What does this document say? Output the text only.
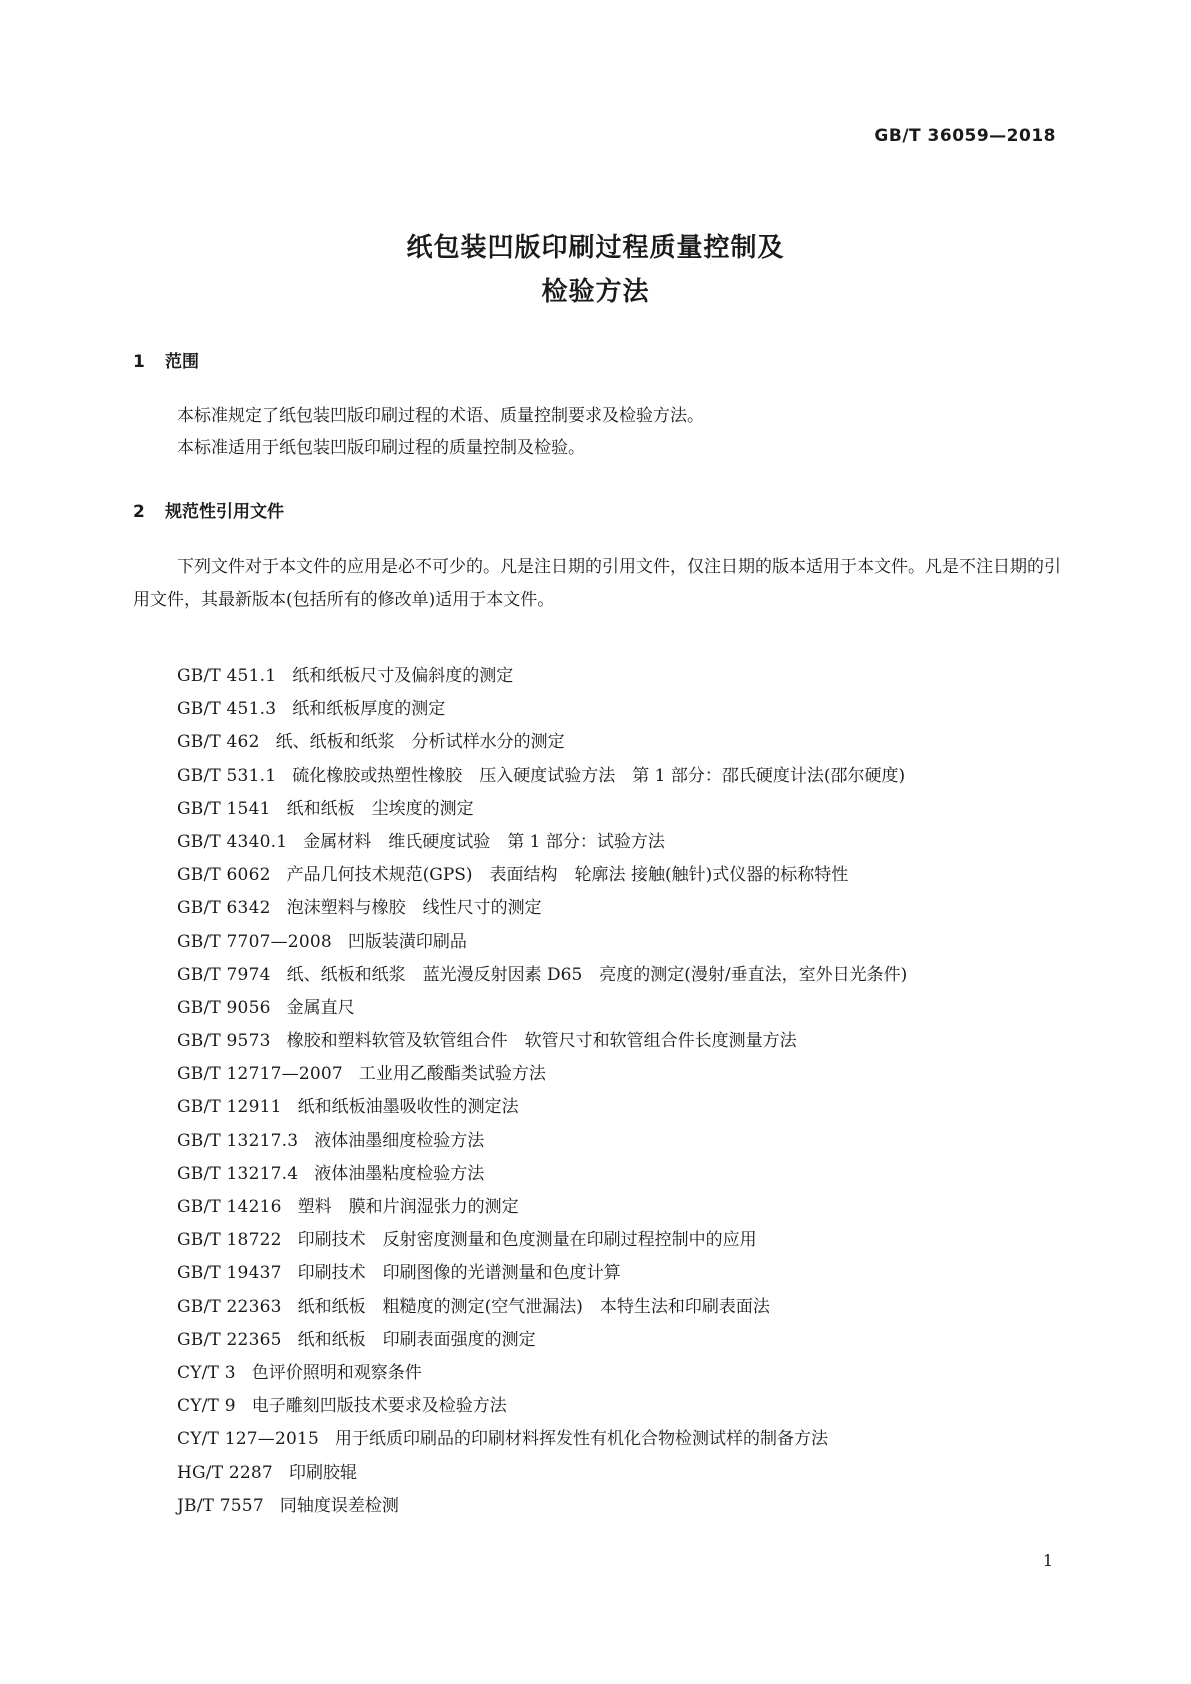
GB/T 36059—2018
纸包装凹版印刷过程质量控制及
检验方法
1 范围
本标准规定了纸包装凹版印刷过程的术语、质量控制要求及检验方法。
本标准适用于纸包装凹版印刷过程的质量控制及检验。
2 规范性引用文件
下列文件对于本文件的应用是必不可少的。凡是注日期的引用文件，仅注日期的版本适用于本文件。凡是不注日期的引用文件，其最新版本(包括所有的修改单)适用于本文件。
GB/T 451.1 纸和纸板尺寸及偏斜度的测定
GB/T 451.3 纸和纸板厚度的测定
GB/T 462 纸、纸板和纸浆　分析试样水分的测定
GB/T 531.1 硫化橡胶或热塑性橡胶　压入硬度试验方法　第 1 部分：邵氏硬度计法(邵尔硬度)
GB/T 1541 纸和纸板　尘埃度的测定
GB/T 4340.1 金属材料　维氏硬度试验　第 1 部分：试验方法
GB/T 6062 产品几何技术规范(GPS)　表面结构　轮廓法 接触(触针)式仪器的标称特性
GB/T 6342 泡沫塑料与橡胶　线性尺寸的测定
GB/T 7707—2008 凹版装潢印刷品
GB/T 7974 纸、纸板和纸浆　蓝光漫反射因素 D65　亮度的测定(漫射/垂直法，室外日光条件)
GB/T 9056 金属直尺
GB/T 9573 橡胶和塑料软管及软管组合件　软管尺寸和软管组合件长度测量方法
GB/T 12717—2007 工业用乙酸酯类试验方法
GB/T 12911 纸和纸板油墨吸收性的测定法
GB/T 13217.3 液体油墨细度检验方法
GB/T 13217.4 液体油墨粘度检验方法
GB/T 14216 塑料　膜和片润湿张力的测定
GB/T 18722 印刷技术　反射密度测量和色度测量在印刷过程控制中的应用
GB/T 19437 印刷技术　印刷图像的光谱测量和色度计算
GB/T 22363 纸和纸板　粗糙度的测定(空气泄漏法)　本特生法和印刷表面法
GB/T 22365 纸和纸板　印刷表面强度的测定
CY/T 3 色评价照明和观察条件
CY/T 9 电子雕刻凹版技术要求及检验方法
CY/T 127—2015 用于纸质印刷品的印刷材料挥发性有机化合物检测试样的制备方法
HG/T 2287 印刷胶辊
JB/T 7557 同轴度误差检测
1
